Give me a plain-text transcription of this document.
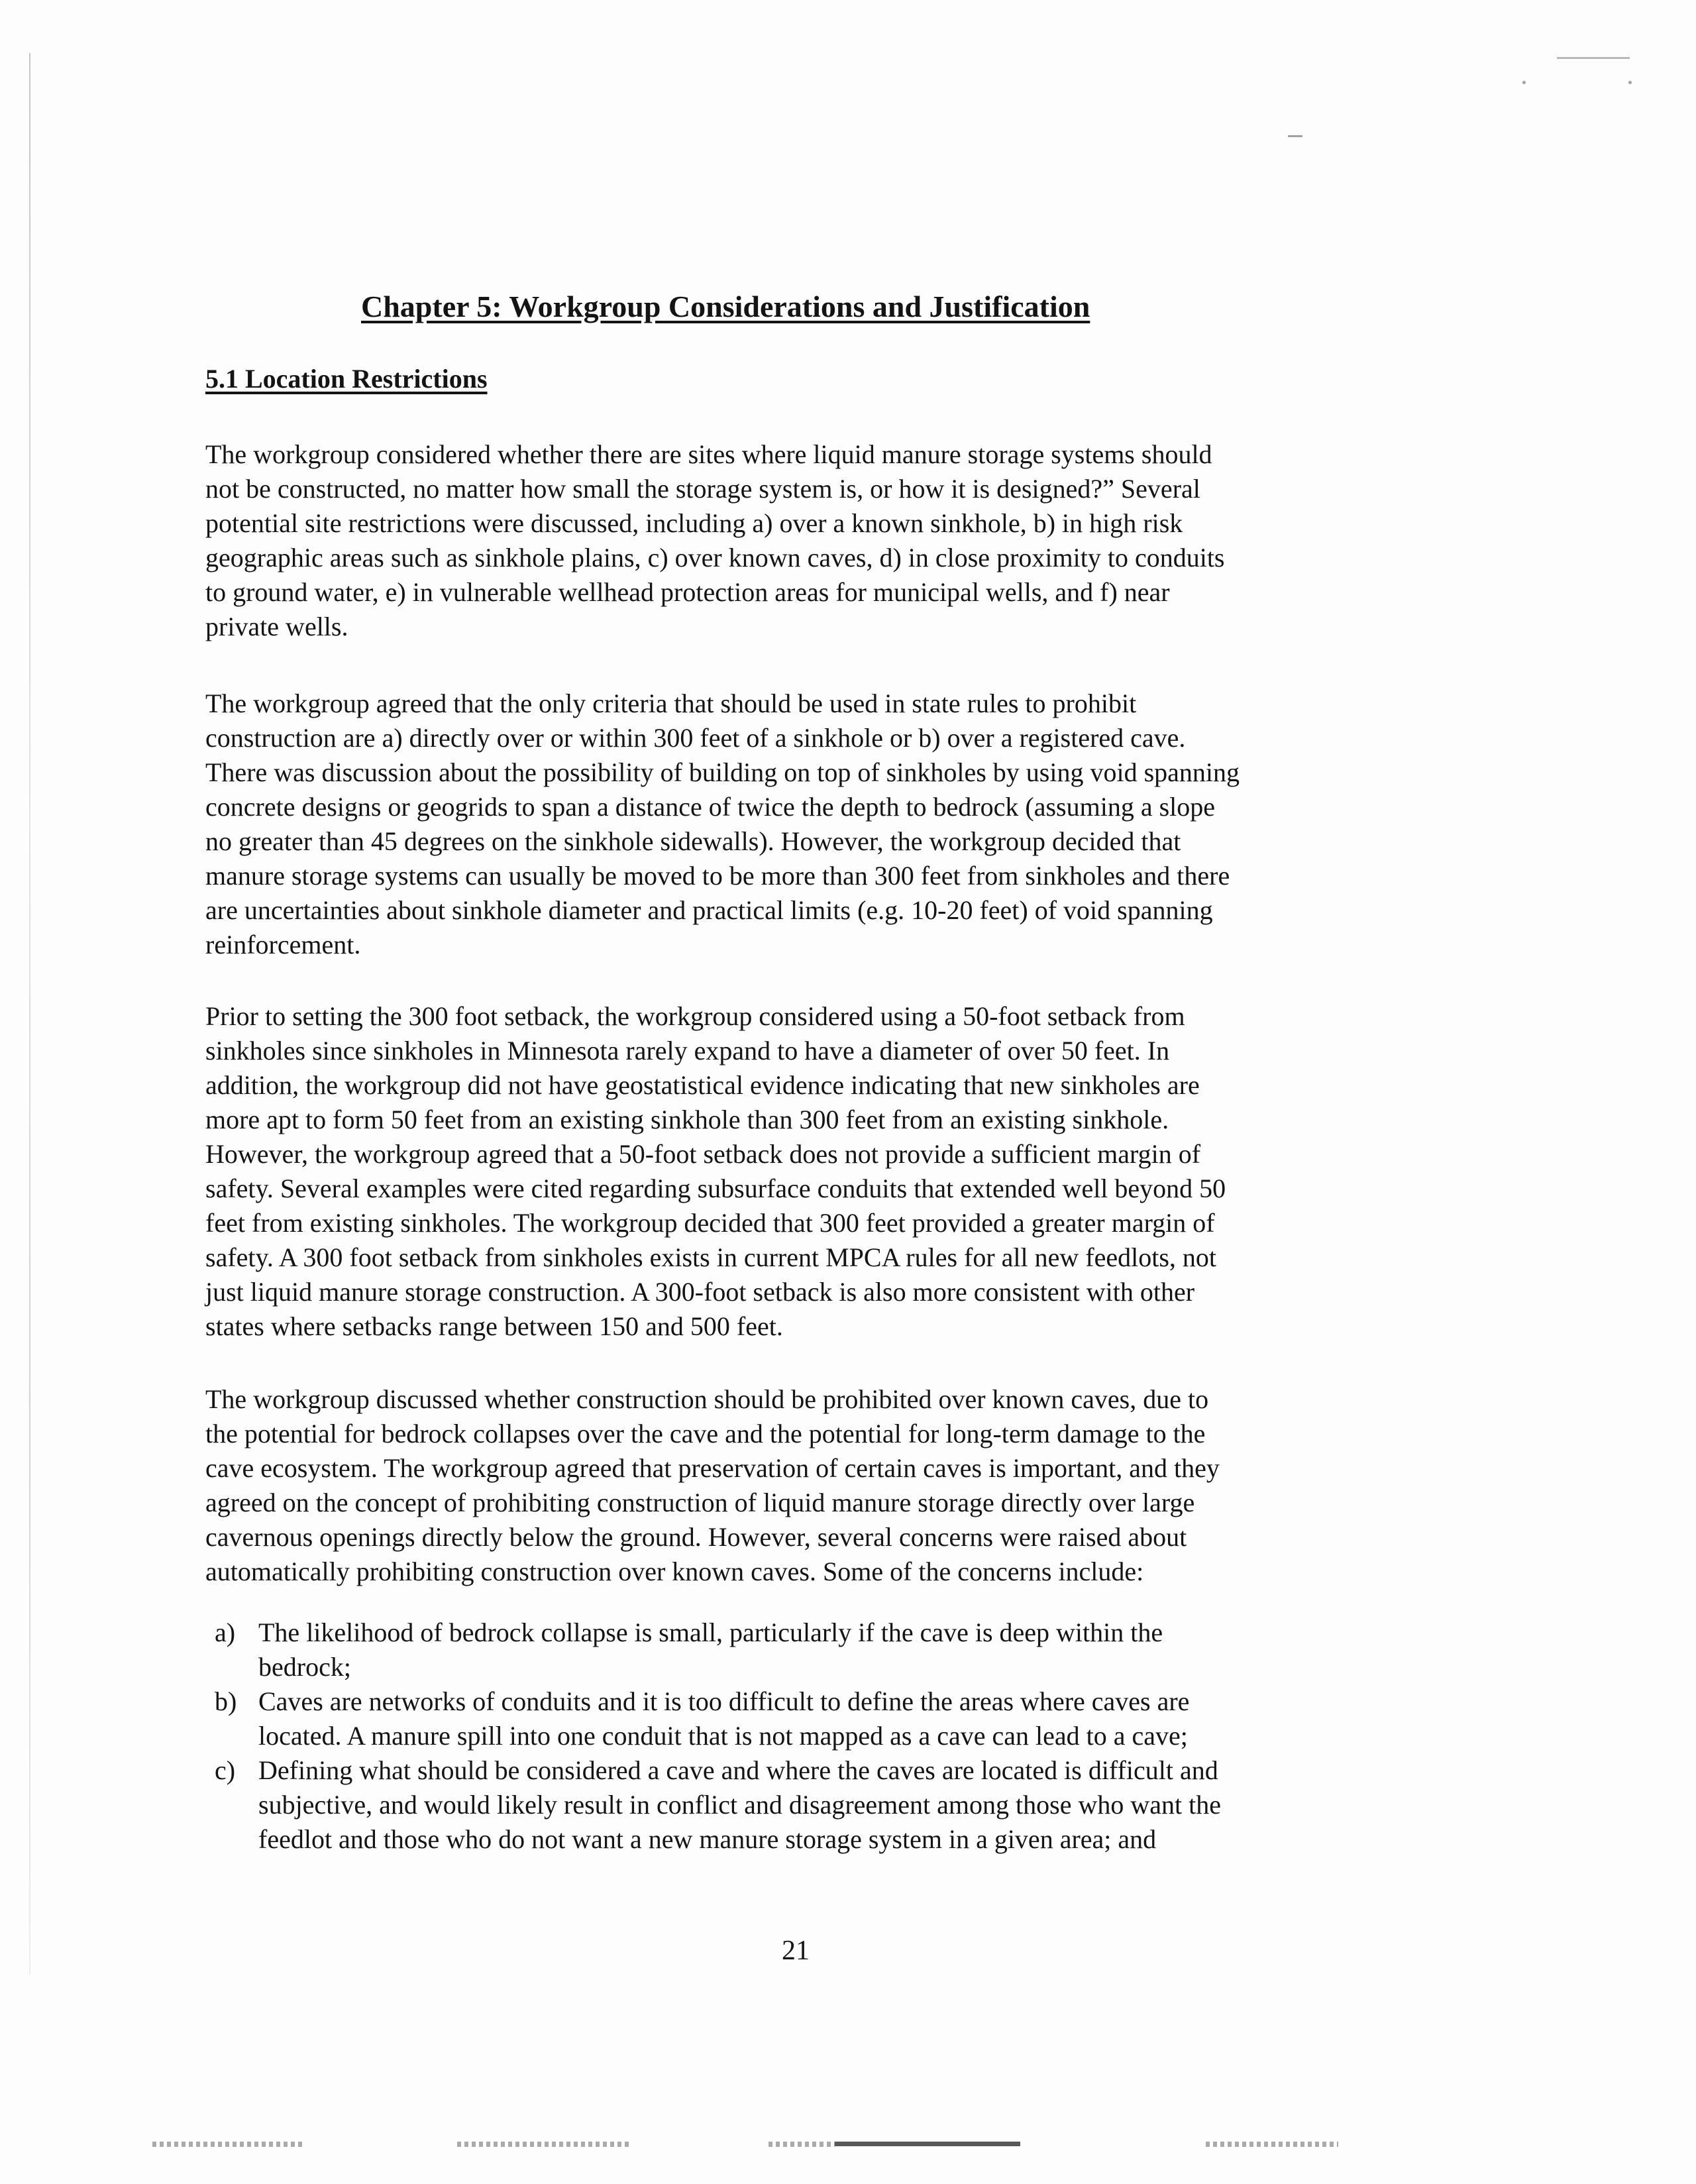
Chapter 5: Workgroup Considerations and Justification
5.1 Location Restrictions

The workgroup considered whether there are sites where liquid manure storage systems should
not be constructed, no matter how small the storage system is, or how it is designed?” Several
potential site restrictions were discussed, including a) over a known sinkhole, b) in high risk
geographic areas such as sinkhole plains, c) over known caves, d) in close proximity to conduits
to ground water, e) in vulnerable wellhead protection areas for municipal wells, and f) near
private wells.

The workgroup agreed that the only criteria that should be used in state rules to prohibit
construction are a) directly over or within 300 feet of a sinkhole or b) over a registered cave.
There was discussion about the possibility of building on top of sinkholes by using void spanning
concrete designs or geogrids to span a distance of twice the depth to bedrock (assuming a slope
no greater than 45 degrees on the sinkhole sidewalls). However, the workgroup decided that
manure storage systems can usually be moved to be more than 300 feet from sinkholes and there
are uncertainties about sinkhole diameter and practical limits (e.g. 10-20 feet) of void spanning
reinforcement.

Prior to setting the 300 foot setback, the workgroup considered using a 50-foot setback from
sinkholes since sinkholes in Minnesota rarely expand to have a diameter of over 50 feet. In
addition, the workgroup did not have geostatistical evidence indicating that new sinkholes are
more apt to form 50 feet from an existing sinkhole than 300 feet from an existing sinkhole.
However, the workgroup agreed that a 50-foot setback does not provide a sufficient margin of
safety. Several examples were cited regarding subsurface conduits that extended well beyond 50
feet from existing sinkholes. The workgroup decided that 300 feet provided a greater margin of
safety. A 300 foot setback from sinkholes exists in current MPCA rules for all new feedlots, not
just liquid manure storage construction. A 300-foot setback is also more consistent with other
states where setbacks range between 150 and 500 feet.

The workgroup discussed whether construction should be prohibited over known caves, due to
the potential for bedrock collapses over the cave and the potential for long-term damage to the
cave ecosystem. The workgroup agreed that preservation of certain caves is important, and they
agreed on the concept of prohibiting construction of liquid manure storage directly over large
cavernous openings directly below the ground. However, several concerns were raised about
automatically prohibiting construction over known caves. Some of the concerns include:

a) The likelihood of bedrock collapse is small, particularly if the cave is deep within the
bedrock;
b) Caves are networks of conduits and it is too difficult to define the areas where caves are
located. A manure spill into one conduit that is not mapped as a cave can lead to a cave;
c) Defining what should be considered a cave and where the caves are located is difficult and
subjective, and would likely result in conflict and disagreement among those who want the
feedlot and those who do not want a new manure storage system in a given area; and
21
